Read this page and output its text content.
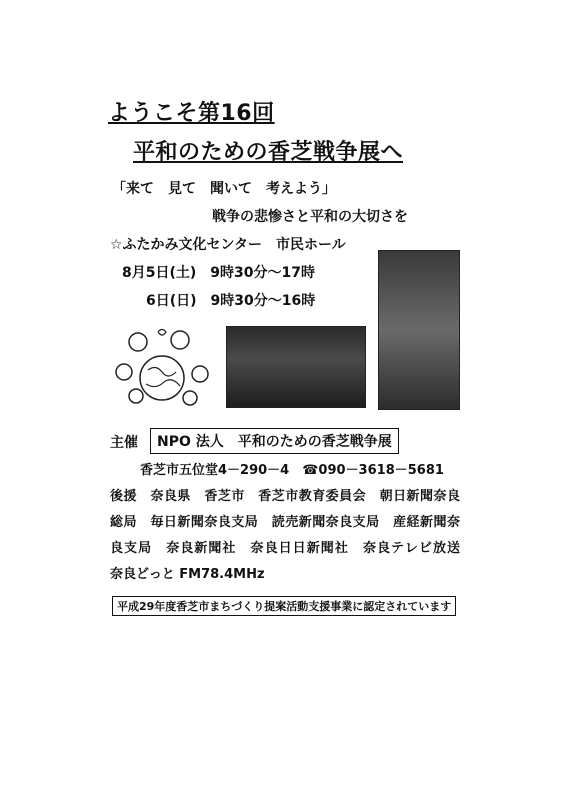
ようこそ第16回
平和のための香芝戦争展へ
「来て　見て　聞いて　考えよう」
戦争の悲惨さと平和の大切さを
☆ふたかみ文化センター　市民ホール
8月5日(土)　9時30分～17時
6日(日)　9時30分～16時
主催	NPO 法人　平和のための香芝戦争展
香芝市五位堂4－290－4　☎090－3618－5681
後援　奈良県　香芝市　香芝市教育委員会　朝日新聞奈良総局　毎日新聞奈良支局　読売新聞奈良支局　産経新聞奈良支局　奈良新聞社　奈良日日新聞社　奈良テレビ放送　奈良どっと FM78.4MHz
平成29年度香芝市まちづくり提案活動支援事業に認定されています
